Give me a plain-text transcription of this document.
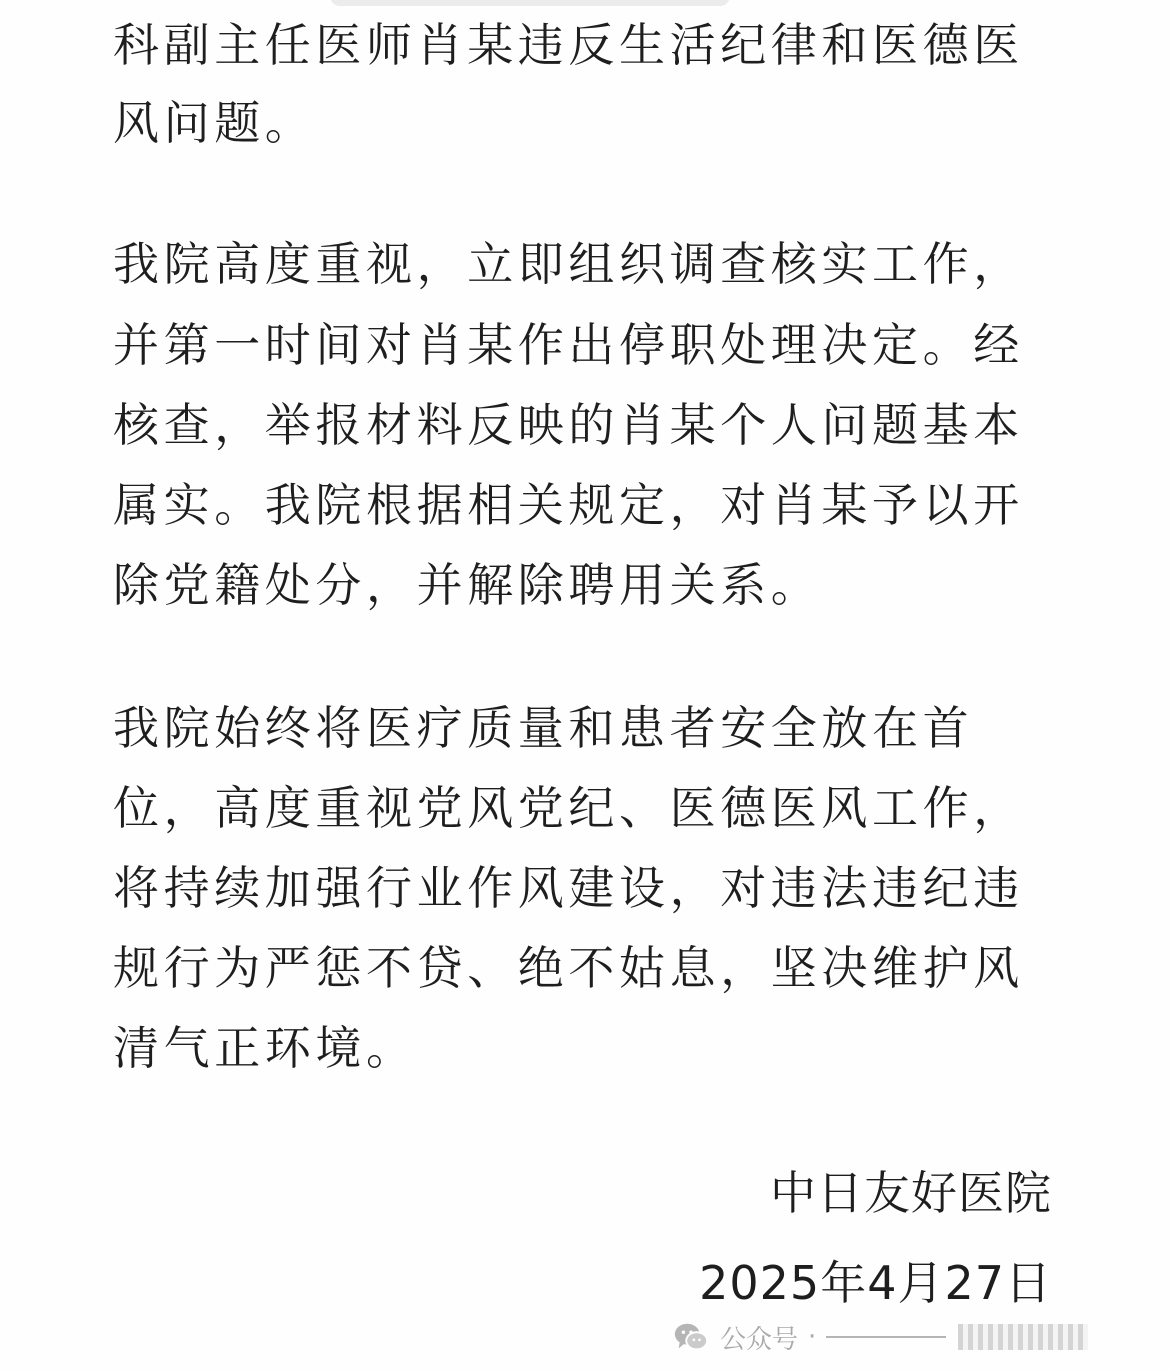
科副主任医师肖某违反生活纪律和医德医
风问题。
我院高度重视，立即组织调查核实工作，
并第一时间对肖某作出停职处理决定。经
核查，举报材料反映的肖某个人问题基本
属实。我院根据相关规定，对肖某予以开
除党籍处分，并解除聘用关系。
我院始终将医疗质量和患者安全放在首
位，高度重视党风党纪、医德医风工作，
将持续加强行业作风建设，对违法违纪违
规行为严惩不贷、绝不姑息，坚决维护风
清气正环境。
中日友好医院
2025年4月27日
公众号 ·
